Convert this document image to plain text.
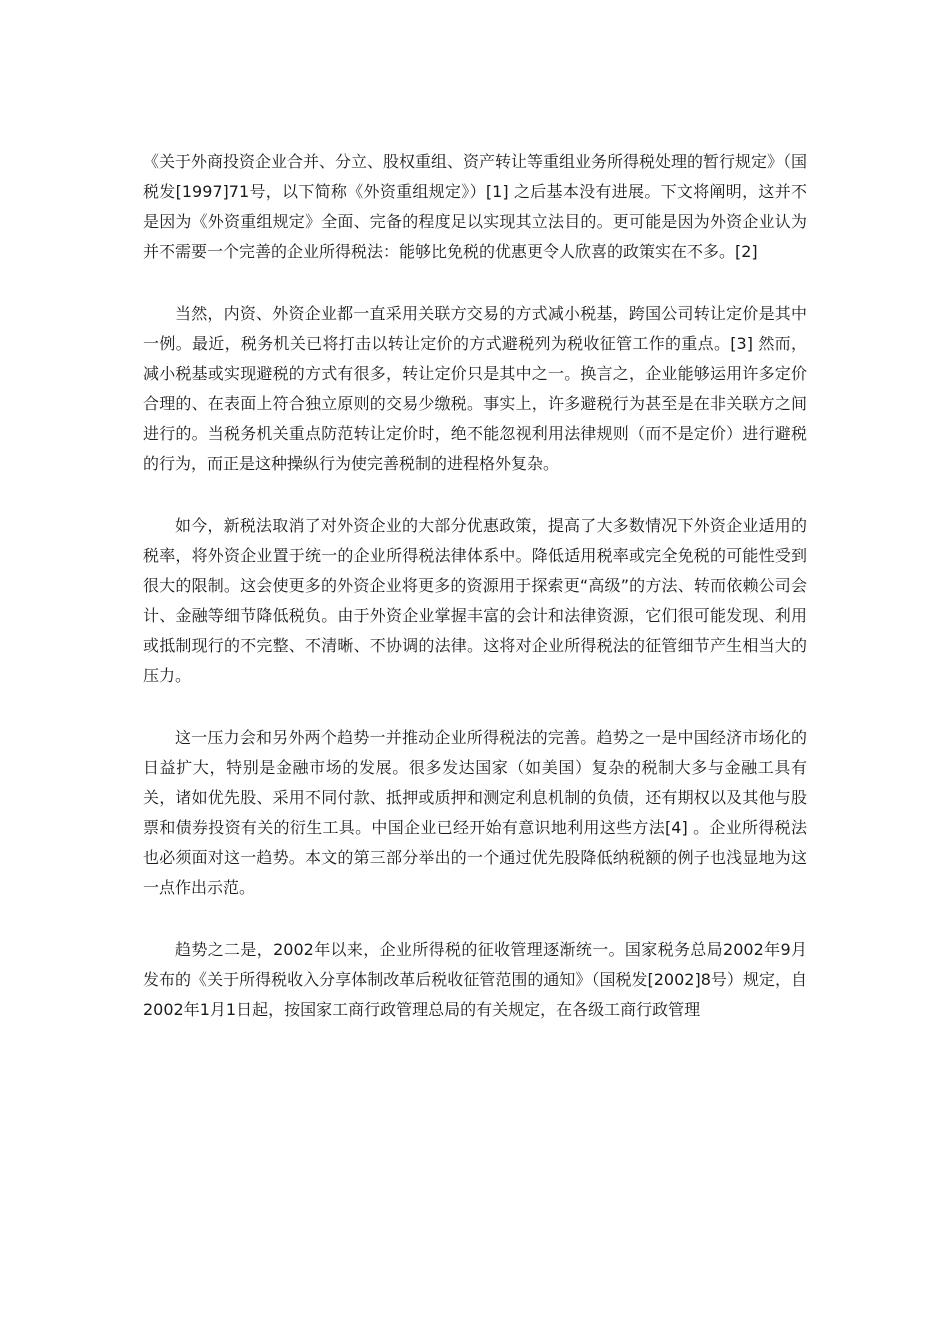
《关于外商投资企业合并、分立、股权重组、资产转让等重组业务所得税处理的暂行规定》（国税发[1997]71号，以下简称《外资重组规定》）[1] 之后基本没有进展。下文将阐明，这并不是因为《外资重组规定》全面、完备的程度足以实现其立法目的。更可能是因为外资企业认为并不需要一个完善的企业所得税法：能够比免税的优惠更令人欣喜的政策实在不多。[2]

当然，内资、外资企业都一直采用关联方交易的方式减小税基，跨国公司转让定价是其中一例。最近，税务机关已将打击以转让定价的方式避税列为税收征管工作的重点。[3] 然而，减小税基或实现避税的方式有很多，转让定价只是其中之一。换言之，企业能够运用许多定价合理的、在表面上符合独立原则的交易少缴税。事实上，许多避税行为甚至是在非关联方之间进行的。当税务机关重点防范转让定价时，绝不能忽视利用法律规则（而不是定价）进行避税的行为，而正是这种操纵行为使完善税制的进程格外复杂。

如今，新税法取消了对外资企业的大部分优惠政策，提高了大多数情况下外资企业适用的税率，将外资企业置于统一的企业所得税法律体系中。降低适用税率或完全免税的可能性受到很大的限制。这会使更多的外资企业将更多的资源用于探索更“高级”的方法、转而依赖公司会计、金融等细节降低税负。由于外资企业掌握丰富的会计和法律资源，它们很可能发现、利用或抵制现行的不完整、不清晰、不协调的法律。这将对企业所得税法的征管细节产生相当大的压力。

这一压力会和另外两个趋势一并推动企业所得税法的完善。趋势之一是中国经济市场化的日益扩大，特别是金融市场的发展。很多发达国家（如美国）复杂的税制大多与金融工具有关，诸如优先股、采用不同付款、抵押或质押和测定利息机制的负债，还有期权以及其他与股票和债券投资有关的衍生工具。中国企业已经开始有意识地利用这些方法[4] 。企业所得税法也必须面对这一趋势。本文的第三部分举出的一个通过优先股降低纳税额的例子也浅显地为这一点作出示范。

趋势之二是，2002年以来，企业所得税的征收管理逐渐统一。国家税务总局2002年9月发布的《关于所得税收入分享体制改革后税收征管范围的通知》（国税发[2002]8号）规定，自2002年1月1日起，按国家工商行政管理总局的有关规定，在各级工商行政管理
